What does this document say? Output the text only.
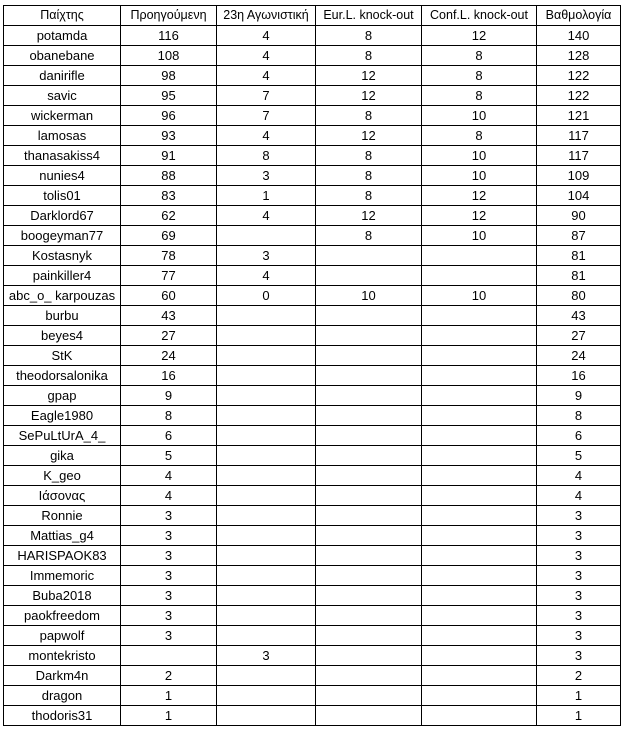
Παίχτης	Προηγούμενη	23η Αγωνιστική	Eur.L. knock-out	Conf.L. knock-out	Βαθμολογία
potamda	116	4	8	12	140
obanebane	108	4	8	8	128
danirifle	98	4	12	8	122
savic	95	7	12	8	122
wickerman	96	7	8	10	121
lamosas	93	4	12	8	117
thanasakiss4	91	8	8	10	117
nunies4	88	3	8	10	109
tolis01	83	1	8	12	104
Darklord67	62	4	12	12	90
boogeyman77	69		8	10	87
Kostasnyk	78	3			81
painkiller4	77	4			81
abc_o_ karpouzas	60	0	10	10	80
burbu	43				43
beyes4	27				27
StK	24				24
theodorsalonika	16				16
gpap	9				9
Eagle1980	8				8
SePuLtUrA_4_	6				6
gika	5				5
K_geo	4				4
Ιάσονας	4				4
Ronnie	3				3
Mattias_g4	3				3
HARISPAOK83	3				3
Immemoric	3				3
Buba2018	3				3
paokfreedom	3				3
papwolf	3				3
montekristo		3			3
Darkm4n	2				2
dragon	1				1
thodoris31	1				1
